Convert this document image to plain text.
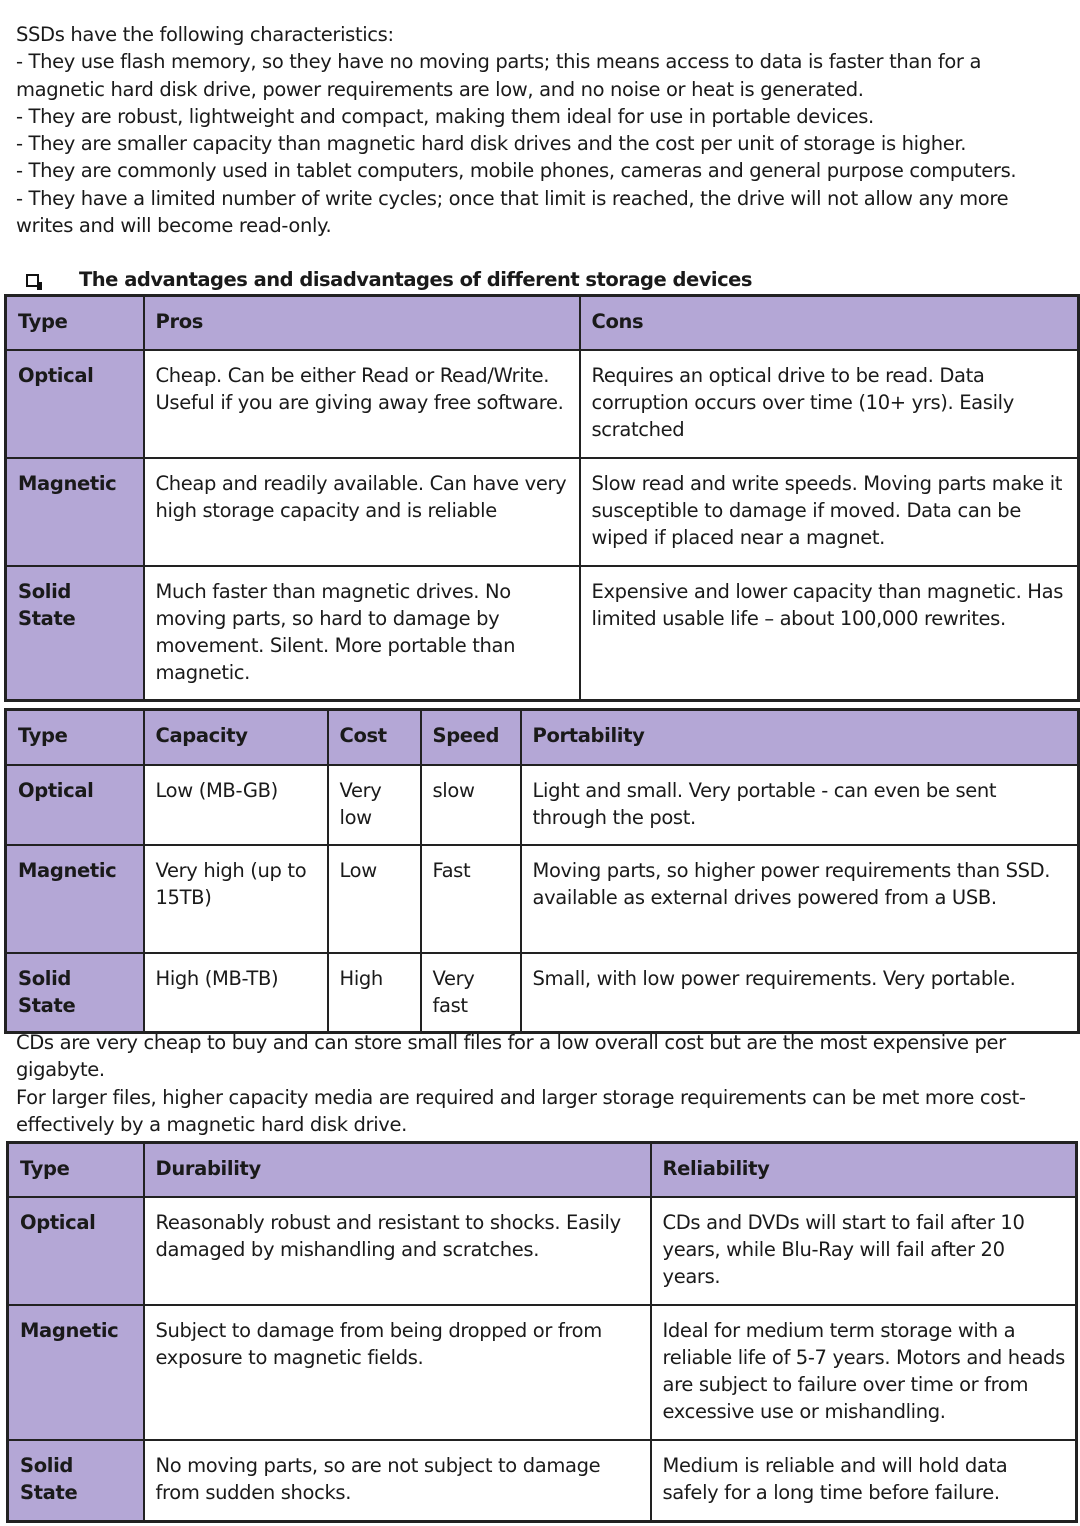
SSDs have the following characteristics:

- They use flash memory, so they have no moving parts; this means access to data is faster than for a magnetic hard disk drive, power requirements are low, and no noise or heat is generated.

- They are robust, lightweight and compact, making them ideal for use in portable devices.

- They are smaller capacity than magnetic hard disk drives and the cost per unit of storage is higher.

- They are commonly used in tablet computers, mobile phones, cameras and general purpose computers.

- They have a limited number of write cycles; once that limit is reached, the drive will not allow any more writes and will become read-only.

The advantages and disadvantages of different storage devices
Type	Pros	Cons
Optical	Cheap. Can be either Read or Read/Write. Useful if you are giving away free software.	Requires an optical drive to be read. Data corruption occurs over time (10+ yrs). Easily scratched
Magnetic	Cheap and readily available. Can have very high storage capacity and is reliable	Slow read and write speeds. Moving parts make it susceptible to damage if moved. Data can be wiped if placed near a magnet.
Solid State	Much faster than magnetic drives. No moving parts, so hard to damage by movement. Silent. More portable than magnetic.	Expensive and lower capacity than magnetic. Has limited usable life – about 100,000 rewrites.
Type	Capacity	Cost	Speed	Portability
Optical	Low (MB-GB)	Very low	slow	Light and small. Very portable - can even be sent through the post.
Magnetic	Very high (up to 15TB)	Low	Fast	Moving parts, so higher power requirements than SSD. available as external drives powered from a USB.
Solid State	High (MB-TB)	High	Very fast	Small, with low power requirements. Very portable.

CDs are very cheap to buy and can store small files for a low overall cost but are the most expensive per gigabyte.

For larger files, higher capacity media are required and larger storage requirements can be met more cost-effectively by a magnetic hard disk drive.

Type	Durability	Reliability
Optical	Reasonably robust and resistant to shocks. Easily damaged by mishandling and scratches.	CDs and DVDs will start to fail after 10 years, while Blu-Ray will fail after 20 years.
Magnetic	Subject to damage from being dropped or from exposure to magnetic fields.	Ideal for medium term storage with a reliable life of 5-7 years. Motors and heads are subject to failure over time or from excessive use or mishandling.
Solid State	No moving parts, so are not subject to damage from sudden shocks.	Medium is reliable and will hold data safely for a long time before failure.
